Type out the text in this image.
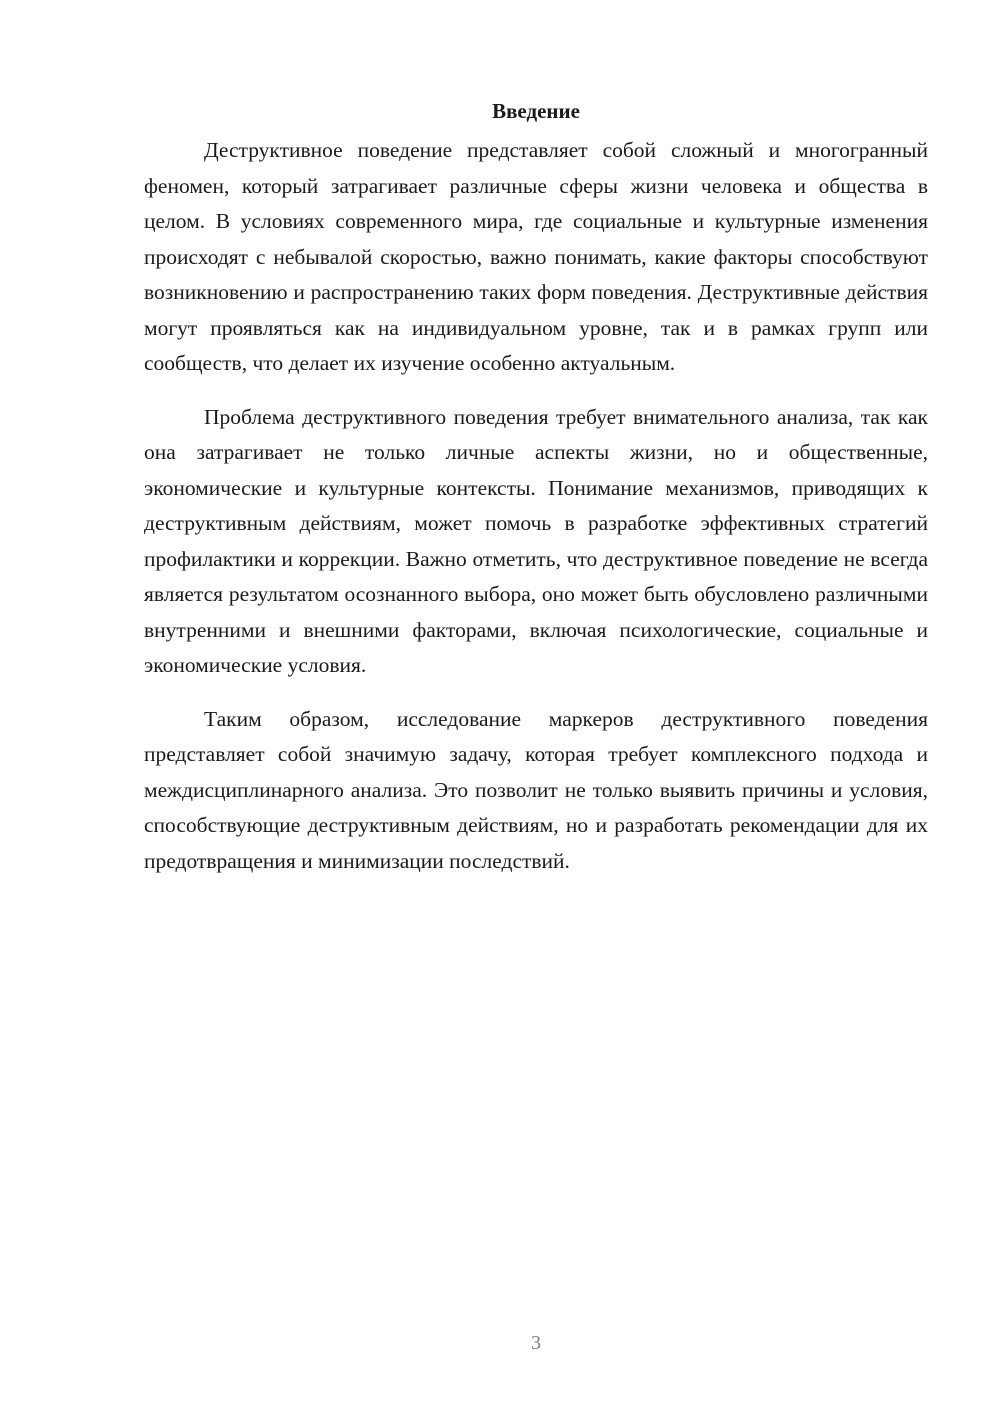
Введение

Деструктивное поведение представляет собой сложный и многогранный феномен, который затрагивает различные сферы жизни человека и общества в целом. В условиях современного мира, где социальные и культурные изменения происходят с небывалой скоростью, важно понимать, какие факторы способствуют возникновению и распространению таких форм поведения. Деструктивные действия могут проявляться как на индивидуальном уровне, так и в рамках групп или сообществ, что делает их изучение особенно актуальным.

Проблема деструктивного поведения требует внимательного анализа, так как она затрагивает не только личные аспекты жизни, но и общественные, экономические и культурные контексты. Понимание механизмов, приводящих к деструктивным действиям, может помочь в разработке эффективных стратегий профилактики и коррекции. Важно отметить, что деструктивное поведение не всегда является результатом осознанного выбора, оно может быть обусловлено различными внутренними и внешними факторами, включая психологические, социальные и экономические условия.

Таким образом, исследование маркеров деструктивного поведения представляет собой значимую задачу, которая требует комплексного подхода и междисциплинарного анализа. Это позволит не только выявить причины и условия, способствующие деструктивным действиям, но и разработать рекомендации для их предотвращения и минимизации последствий.

3
